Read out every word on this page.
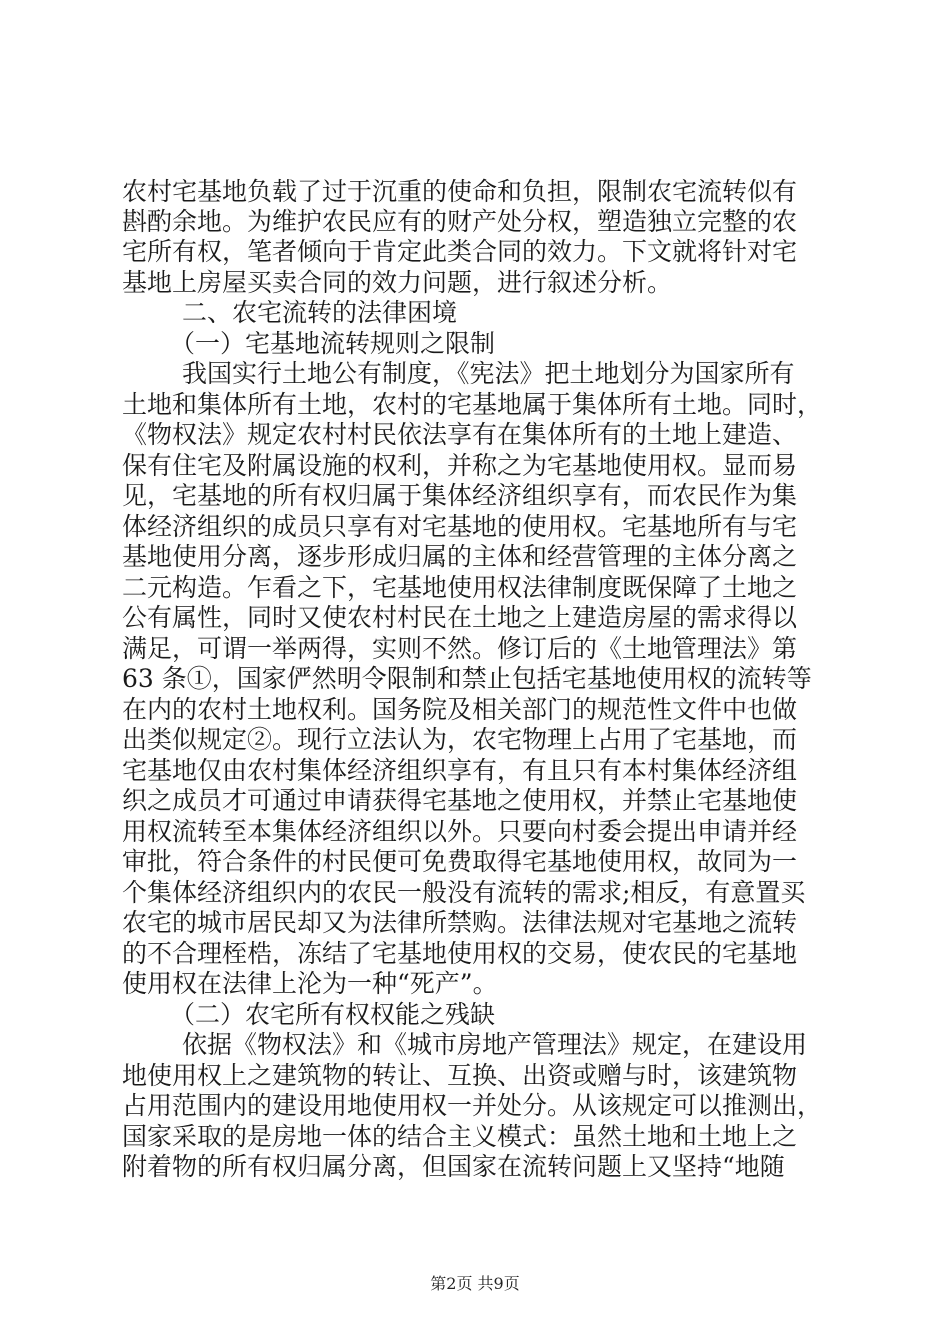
农村宅基地负载了过于沉重的使命和负担，限制农宅流转似有
斟酌余地。为维护农民应有的财产处分权，塑造独立完整的农
宅所有权，笔者倾向于肯定此类合同的效力。下文就将针对宅
基地上房屋买卖合同的效力问题，进行叙述分析。
二、农宅流转的法律困境
（一）宅基地流转规则之限制
我国实行土地公有制度，《宪法》把土地划分为国家所有
土地和集体所有土地，农村的宅基地属于集体所有土地。同时，
《物权法》规定农村村民依法享有在集体所有的土地上建造、
保有住宅及附属设施的权利，并称之为宅基地使用权。显而易
见，宅基地的所有权归属于集体经济组织享有，而农民作为集
体经济组织的成员只享有对宅基地的使用权。宅基地所有与宅
基地使用分离，逐步形成归属的主体和经营管理的主体分离之
二元构造。乍看之下，宅基地使用权法律制度既保障了土地之
公有属性，同时又使农村村民在土地之上建造房屋的需求得以
满足，可谓一举两得，实则不然。修订后的《土地管理法》第
63 条①，国家俨然明令限制和禁止包括宅基地使用权的流转等
在内的农村土地权利。国务院及相关部门的规范性文件中也做
出类似规定②。现行立法认为，农宅物理上占用了宅基地，而
宅基地仅由农村集体经济组织享有，有且只有本村集体经济组
织之成员才可通过申请获得宅基地之使用权，并禁止宅基地使
用权流转至本集体经济组织以外。只要向村委会提出申请并经
审批，符合条件的村民便可免费取得宅基地使用权，故同为一
个集体经济组织内的农民一般没有流转的需求;相反，有意置买
农宅的城市居民却又为法律所禁购。法律法规对宅基地之流转
的不合理桎梏，冻结了宅基地使用权的交易，使农民的宅基地
使用权在法律上沦为一种“死产”。
（二）农宅所有权权能之残缺
依据《物权法》和《城市房地产管理法》规定，在建设用
地使用权上之建筑物的转让、互换、出资或赠与时，该建筑物
占用范围内的建设用地使用权一并处分。从该规定可以推测出，
国家采取的是房地一体的结合主义模式：虽然土地和土地上之
附着物的所有权归属分离，但国家在流转问题上又坚持“地随
第2页 共9页
